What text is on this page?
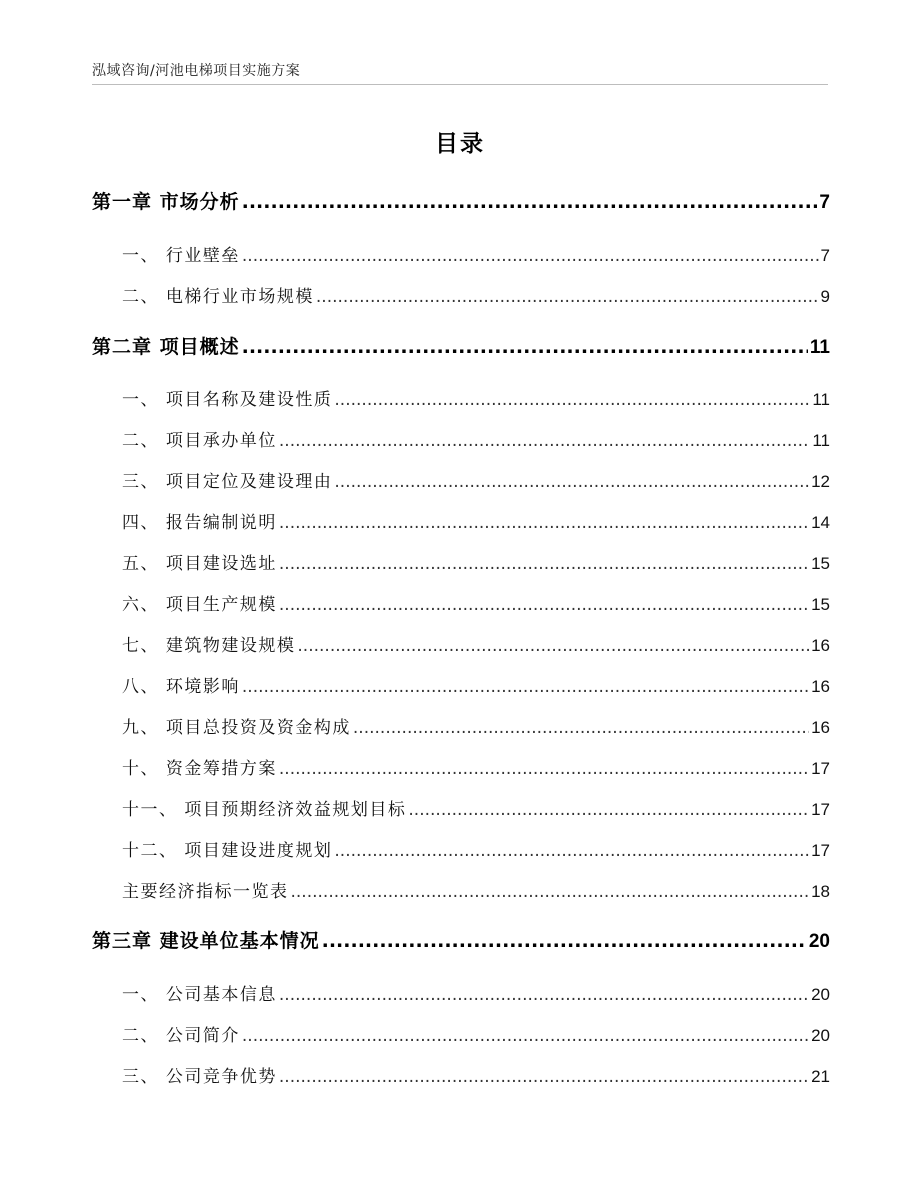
泓域咨询/河池电梯项目实施方案
目录
第一章 市场分析 .....	7
一、 行业壁垒 .....	7
二、 电梯行业市场规模 .....	9
第二章 项目概述 .....	11
一、 项目名称及建设性质 .....	11
二、 项目承办单位 .....	11
三、 项目定位及建设理由 .....	12
四、 报告编制说明 .....	14
五、 项目建设选址 .....	15
六、 项目生产规模 .....	15
七、 建筑物建设规模 .....	16
八、 环境影响 .....	16
九、 项目总投资及资金构成 .....	16
十、 资金筹措方案 .....	17
十一、 项目预期经济效益规划目标 .....	17
十二、 项目建设进度规划 .....	17
主要经济指标一览表 .....	18
第三章 建设单位基本情况 .....	20
一、 公司基本信息 .....	20
二、 公司简介 .....	20
三、 公司竞争优势 .....	21
